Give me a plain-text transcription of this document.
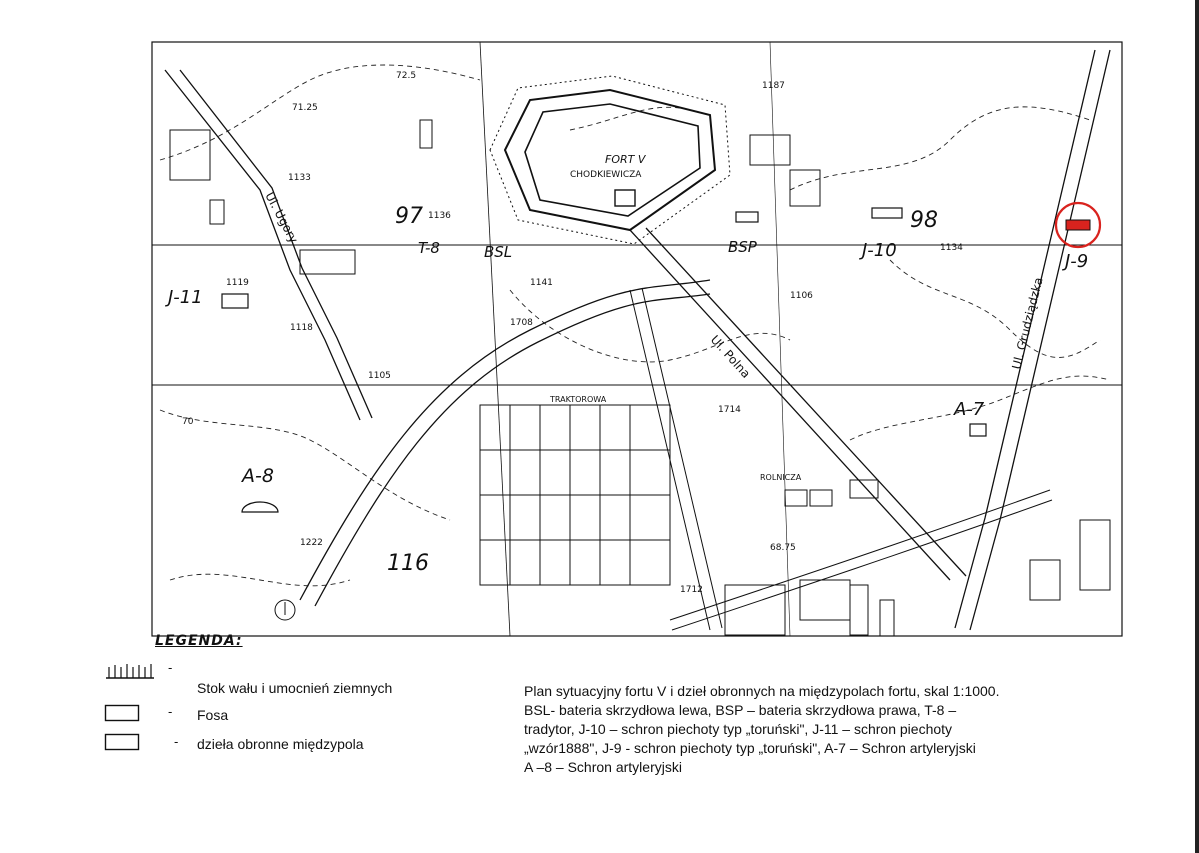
FORT V
CHODKIEWICZA
Ul. Ugory
Ul. Polna	Ul. Grudziądzka
TRAKTOROWA
ROLNICZA
97	98
116
T-8	BSL	BSP	J-10
J-9
J-11
A-7
A-8
1133
1187
1118
1141
1106
1708
1105
1714
1712
1222
1119
1134
1136
71.25
72.5
70
68.75
LEGENDA:
-
Stok wału i umocnień ziemnych
- Fosa
- dzieła obronne międzypola

Plan sytuacyjny fortu V i dzieł obronnych na międzypolach fortu, skal 1:1000.

BSL- bateria skrzydłowa lewa, BSP – bateria skrzydłowa prawa, T-8 –

tradytor, J-10 – schron piechoty typ „toruński", J-11 – schron piechoty

„wzór1888", J-9 - schron piechoty typ „toruński", A-7 – Schron artyleryjski

A –8 – Schron artyleryjski
